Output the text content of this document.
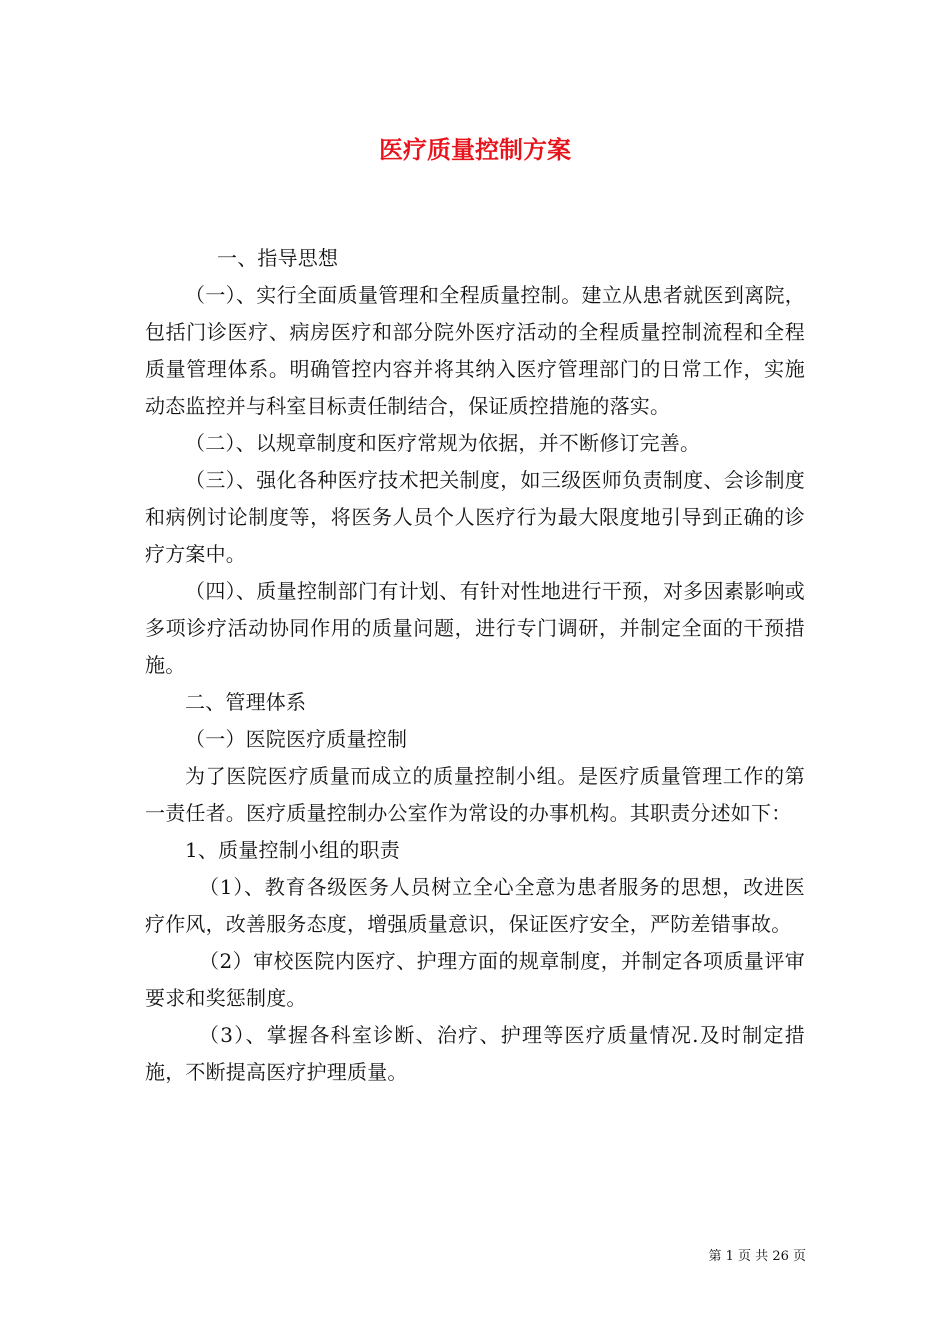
医疗质量控制方案

一、指导思想

（一）、实行全面质量管理和全程质量控制。建立从患者就医到离院，包括门诊医疗、病房医疗和部分院外医疗活动的全程质量控制流程和全程质量管理体系。明确管控内容并将其纳入医疗管理部门的日常工作，实施动态监控并与科室目标责任制结合，保证质控措施的落实。

（二）、以规章制度和医疗常规为依据，并不断修订完善。

（三）、强化各种医疗技术把关制度，如三级医师负责制度、会诊制度和病例讨论制度等，将医务人员个人医疗行为最大限度地引导到正确的诊疗方案中。

（四）、质量控制部门有计划、有针对性地进行干预，对多因素影响或多项诊疗活动协同作用的质量问题，进行专门调研，并制定全面的干预措施。

二、管理体系

（一）医院医疗质量控制

为了医院医疗质量而成立的质量控制小组。是医疗质量管理工作的第一责任者。医疗质量控制办公室作为常设的办事机构。其职责分述如下：

1、质量控制小组的职责

（1）、教育各级医务人员树立全心全意为患者服务的思想，改进医疗作风，改善服务态度，增强质量意识，保证医疗安全，严防差错事故。

（2）审校医院内医疗、护理方面的规章制度，并制定各项质量评审要求和奖惩制度。

（3）、掌握各科室诊断、治疗、护理等医疗质量情况.及时制定措施，不断提高医疗护理质量。

第 1 页 共 26 页
